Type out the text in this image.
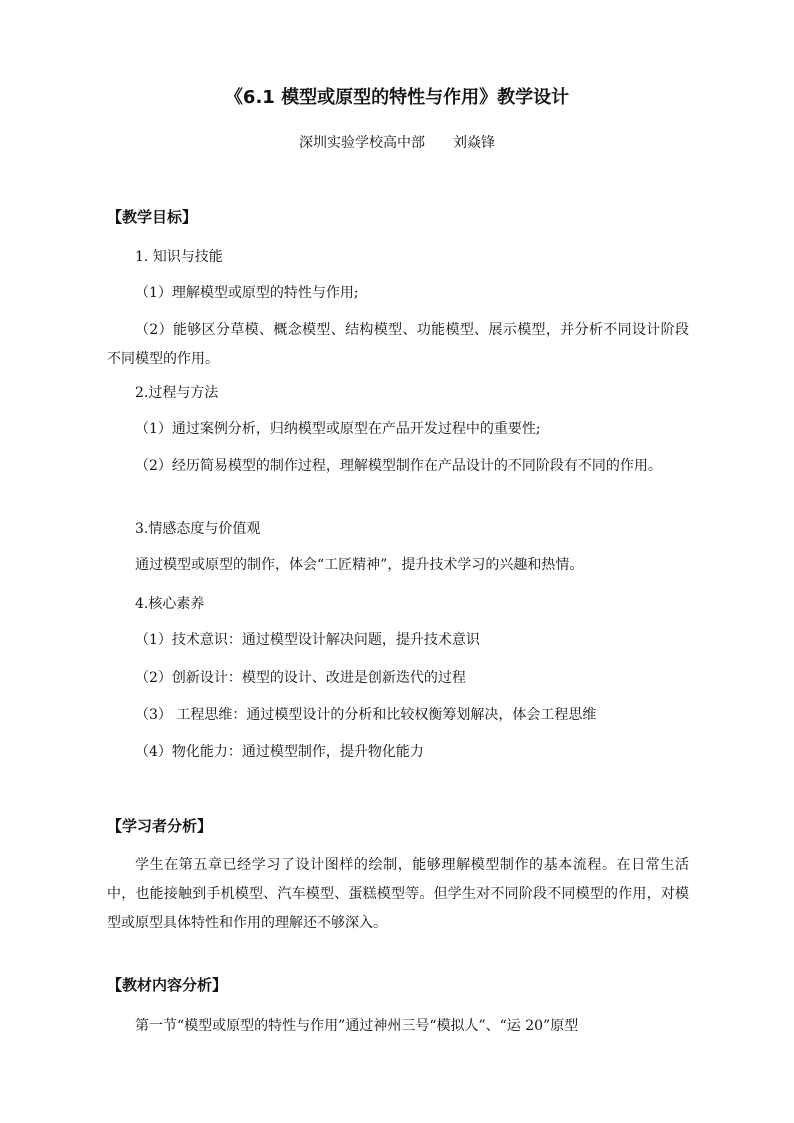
《6.1 模型或原型的特性与作用》教学设计
深圳实验学校高中部 刘焱锋
【教学目标】
1. 知识与技能
（1）理解模型或原型的特性与作用;
（2）能够区分草模、概念模型、结构模型、功能模型、展示模型，并分析不同设计阶段不同模型的作用。
2.过程与方法
（1）通过案例分析，归纳模型或原型在产品开发过程中的重要性;
（2）经历简易模型的制作过程，理解模型制作在产品设计的不同阶段有不同的作用。
3.情感态度与价值观
通过模型或原型的制作，体会“工匠精神”，提升技术学习的兴趣和热情。
4.核心素养
（1）技术意识：通过模型设计解决问题，提升技术意识
（2）创新设计：模型的设计、改进是创新迭代的过程
（3） 工程思维：通过模型设计的分析和比较权衡筹划解决，体会工程思维
（4）物化能力：通过模型制作，提升物化能力
【学习者分析】
学生在第五章已经学习了设计图样的绘制，能够理解模型制作的基本流程。在日常生活中，也能接触到手机模型、汽车模型、蛋糕模型等。但学生对不同阶段不同模型的作用，对模型或原型具体特性和作用的理解还不够深入。
【教材内容分析】
第一节“模型或原型的特性与作用”通过神州三号“模拟人”、“运 20”原型
